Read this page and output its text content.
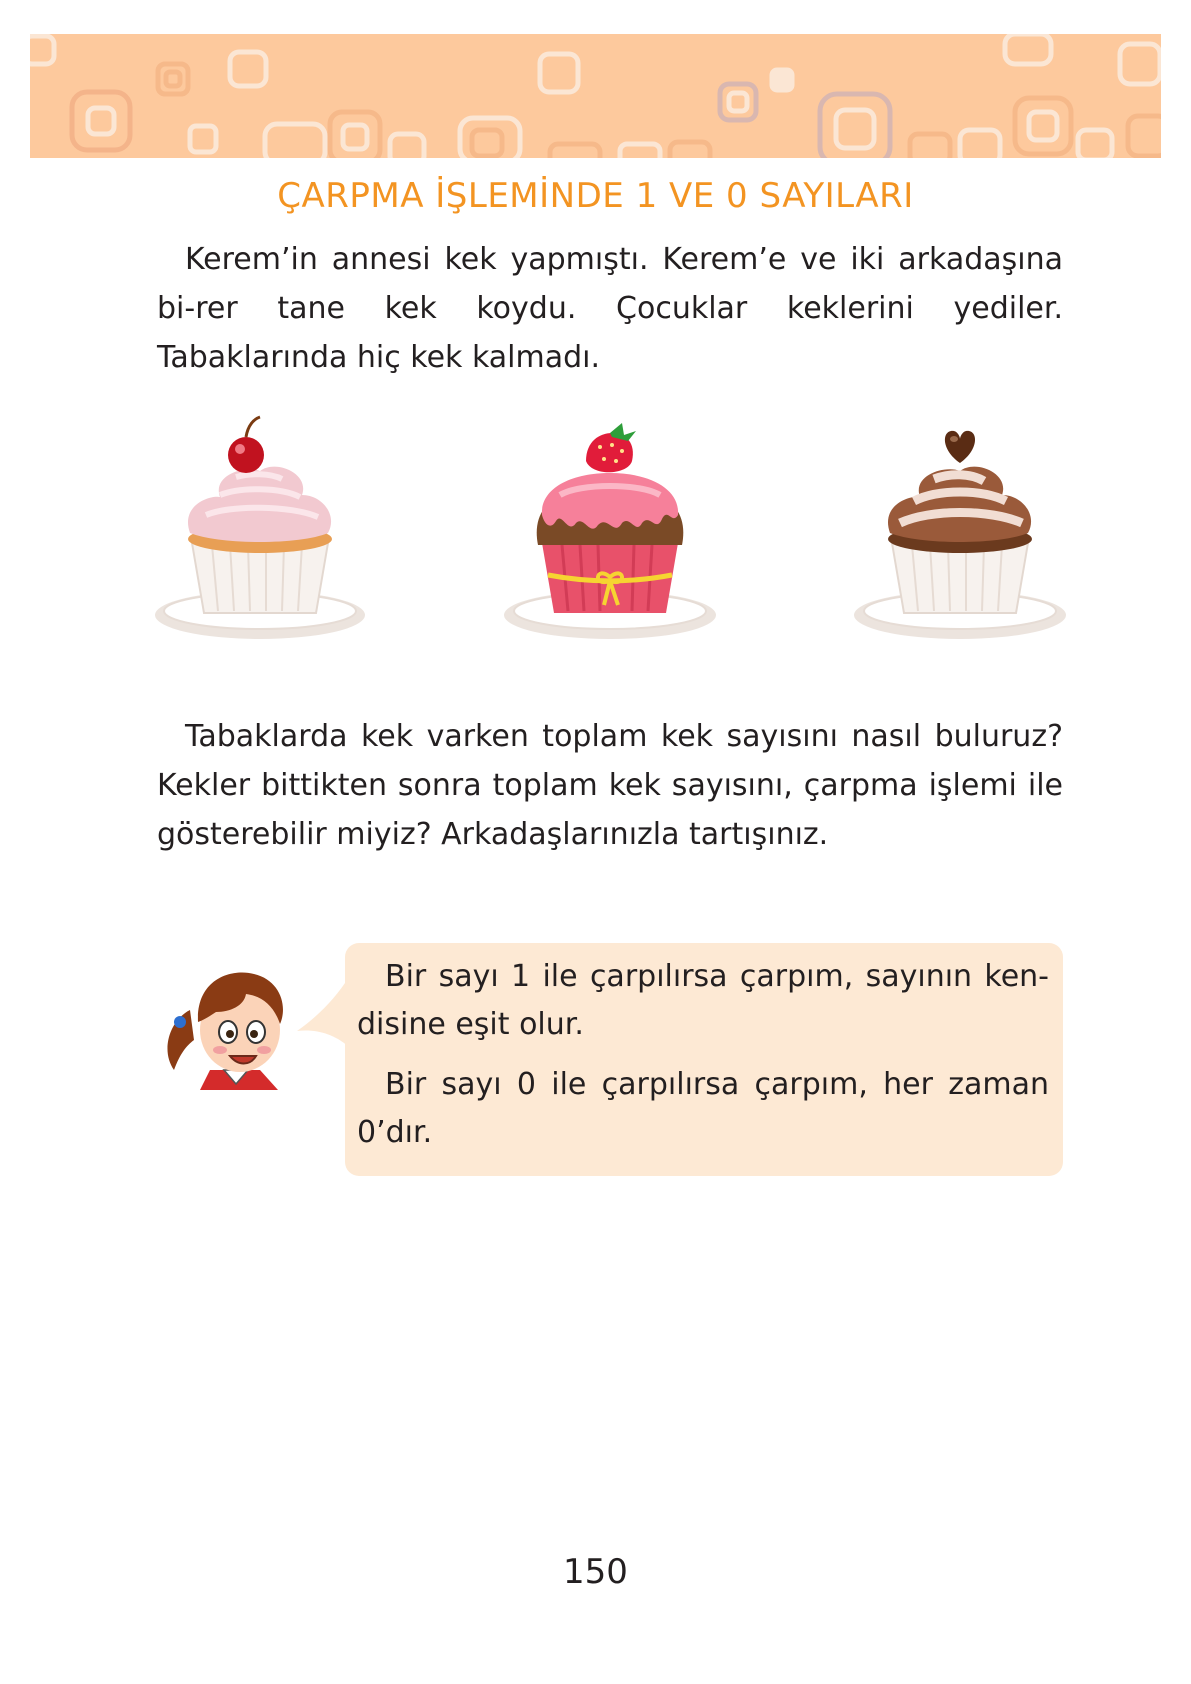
ÇARPMA İŞLEMİNDE 1 VE 0 SAYILARI

Kerem’in annesi kek yapmıştı. Kerem’e ve iki arkadaşına bi-rer tane kek koydu. Çocuklar keklerini yediler. Tabaklarında hiç kek kalmadı.

Tabaklarda kek varken toplam kek sayısını nasıl buluruz? Kekler bittikten sonra toplam kek sayısını, çarpma işlemi ile gösterebilir miyiz? Arkadaşlarınızla tartışınız.

Bir sayı 1 ile çarpılırsa çarpım, sayının ken-disine eşit olur.

Bir sayı 0 ile çarpılırsa çarpım, her zaman 0’dır.

150
